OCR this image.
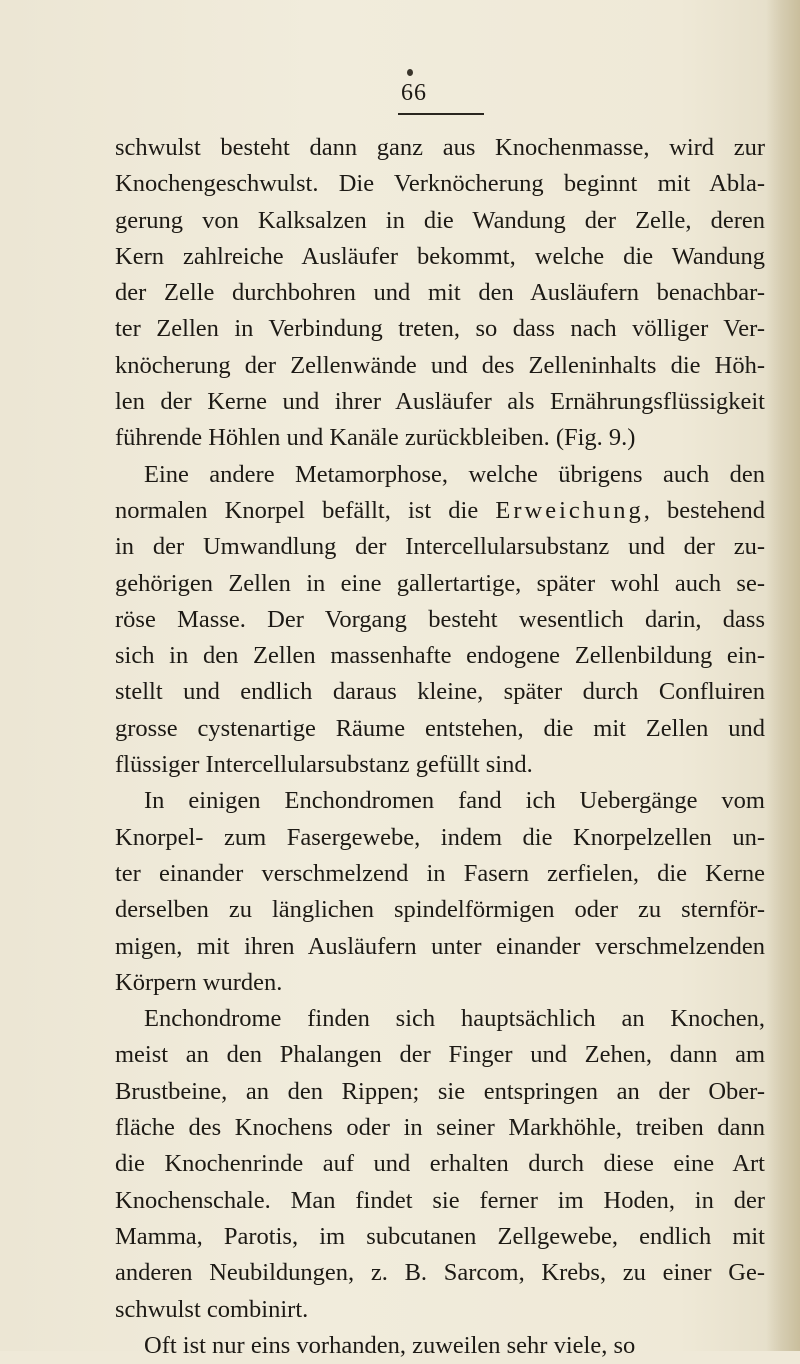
66
schwulst besteht dann ganz aus Knochenmasse, wird zur
Knochengeschwulst. Die Verknöcherung beginnt mit Abla-
gerung von Kalksalzen in die Wandung der Zelle, deren
Kern zahlreiche Ausläufer bekommt, welche die Wandung
der Zelle durchbohren und mit den Ausläufern benachbar-
ter Zellen in Verbindung treten, so dass nach völliger Ver-
knöcherung der Zellenwände und des Zelleninhalts die Höh-
len der Kerne und ihrer Ausläufer als Ernährungsflüssigkeit
führende Höhlen und Kanäle zurückbleiben. (Fig. 9.)
Eine andere Metamorphose, welche übrigens auch den
normalen Knorpel befällt, ist die Erweichung, bestehend
in der Umwandlung der Intercellularsubstanz und der zu-
gehörigen Zellen in eine gallertartige, später wohl auch se-
röse Masse. Der Vorgang besteht wesentlich darin, dass
sich in den Zellen massenhafte endogene Zellenbildung ein-
stellt und endlich daraus kleine, später durch Confluiren
grosse cystenartige Räume entstehen, die mit Zellen und
flüssiger Intercellularsubstanz gefüllt sind.
In einigen Enchondromen fand ich Uebergänge vom
Knorpel- zum Fasergewebe, indem die Knorpelzellen un-
ter einander verschmelzend in Fasern zerfielen, die Kerne
derselben zu länglichen spindelförmigen oder zu sternför-
migen, mit ihren Ausläufern unter einander verschmelzenden
Körpern wurden.
Enchondrome finden sich hauptsächlich an Knochen,
meist an den Phalangen der Finger und Zehen, dann am
Brustbeine, an den Rippen; sie entspringen an der Ober-
fläche des Knochens oder in seiner Markhöhle, treiben dann
die Knochenrinde auf und erhalten durch diese eine Art
Knochenschale. Man findet sie ferner im Hoden, in der
Mamma, Parotis, im subcutanen Zellgewebe, endlich mit
anderen Neubildungen, z. B. Sarcom, Krebs, zu einer Ge-
schwulst combinirt.
Oft ist nur eins vorhanden, zuweilen sehr viele, so
